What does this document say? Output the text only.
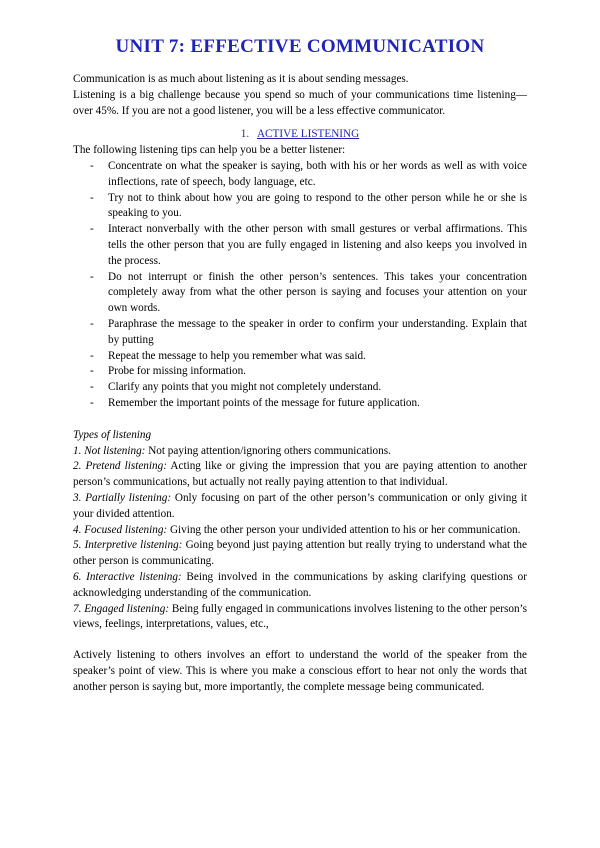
UNIT 7: EFFECTIVE COMMUNICATION

Communication is as much about listening as it is about sending messages.

Listening is a big challenge because you spend so much of your communications time listening—over 45%. If you are not a good listener, you will be a less effective communicator.

1. ACTIVE LISTENING

The following listening tips can help you be a better listener:

- Concentrate on what the speaker is saying, both with his or her words as well as with voice inflections, rate of speech, body language, etc.
- Try not to think about how you are going to respond to the other person while he or she is speaking to you.
- Interact nonverbally with the other person with small gestures or verbal affirmations. This tells the other person that you are fully engaged in listening and also keeps you involved in the process.
- Do not interrupt or finish the other person’s sentences. This takes your concentration completely away from what the other person is saying and focuses your attention on your own words.
- Paraphrase the message to the speaker in order to confirm your understanding. Explain that by putting
- Repeat the message to help you remember what was said.
- Probe for missing information.
- Clarify any points that you might not completely understand.
- Remember the important points of the message for future application.

Types of listening

1. Not listening: Not paying attention/ignoring others communications.

2. Pretend listening: Acting like or giving the impression that you are paying attention to another person’s communications, but actually not really paying attention to that individual.

3. Partially listening: Only focusing on part of the other person’s communication or only giving it your divided attention.

4. Focused listening: Giving the other person your undivided attention to his or her communication.

5. Interpretive listening: Going beyond just paying attention but really trying to understand what the other person is communicating.

6. Interactive listening: Being involved in the communications by asking clarifying questions or acknowledging understanding of the communication.

7. Engaged listening: Being fully engaged in communications involves listening to the other person’s views, feelings, interpretations, values, etc.,

Actively listening to others involves an effort to understand the world of the speaker from the speaker’s point of view. This is where you make a conscious effort to hear not only the words that another person is saying but, more importantly, the complete message being communicated.
